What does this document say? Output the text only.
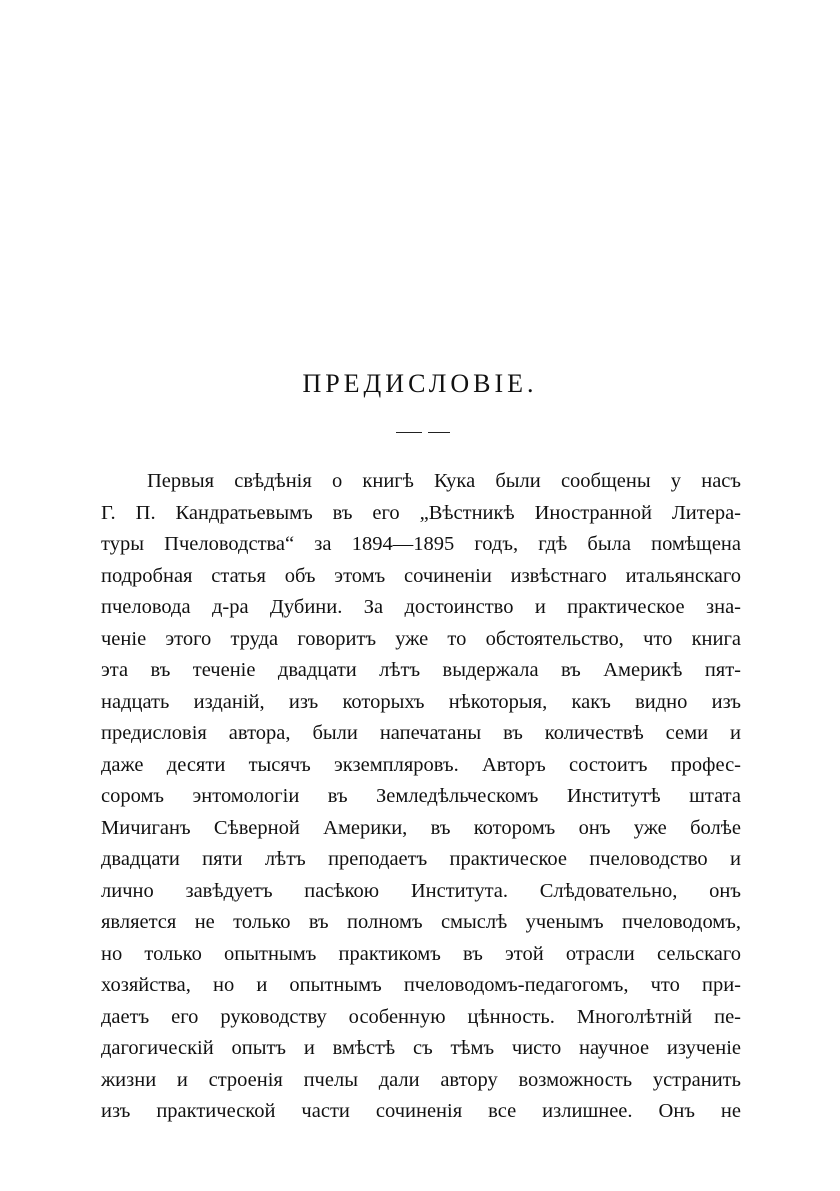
ПРЕДИСЛОВІЕ.
Первыя свѣдѣнія о книгѣ Кука были сообщены у насъ
Г. П. Кандратьевымъ въ его „Вѣстникѣ Иностранной Литера-
туры Пчеловодства“ за 1894—1895 годъ, гдѣ была помѣщена
подробная статья объ этомъ сочиненіи извѣстнаго итальянскаго
пчеловода д-ра Дубини. За достоинство и практическое зна-
ченіе этого труда говоритъ уже то обстоятельство, что книга
эта въ теченіе двадцати лѣтъ выдержала въ Америкѣ пят-
надцать изданій, изъ которыхъ нѣкоторыя, какъ видно изъ
предисловія автора, были напечатаны въ количествѣ семи и
даже десяти тысячъ экземпляровъ. Авторъ состоитъ профес-
соромъ энтомологіи въ Земледѣльческомъ Институтѣ штата
Мичиганъ Сѣверной Америки, въ которомъ онъ уже болѣе
двадцати пяти лѣтъ преподаетъ практическое пчеловодство и
лично завѣдуетъ пасѣкою Института. Слѣдовательно, онъ
является не только въ полномъ смыслѣ ученымъ пчеловодомъ,
но только опытнымъ практикомъ въ этой отрасли сельскаго
хозяйства, но и опытнымъ пчеловодомъ-педагогомъ, что при-
даетъ его руководству особенную цѣнность. Многолѣтній пе-
дагогическій опытъ и вмѣстѣ съ тѣмъ чисто научное изученіе
жизни и строенія пчелы дали автору возможность устранить
изъ практической части сочиненія все излишнее. Онъ не
